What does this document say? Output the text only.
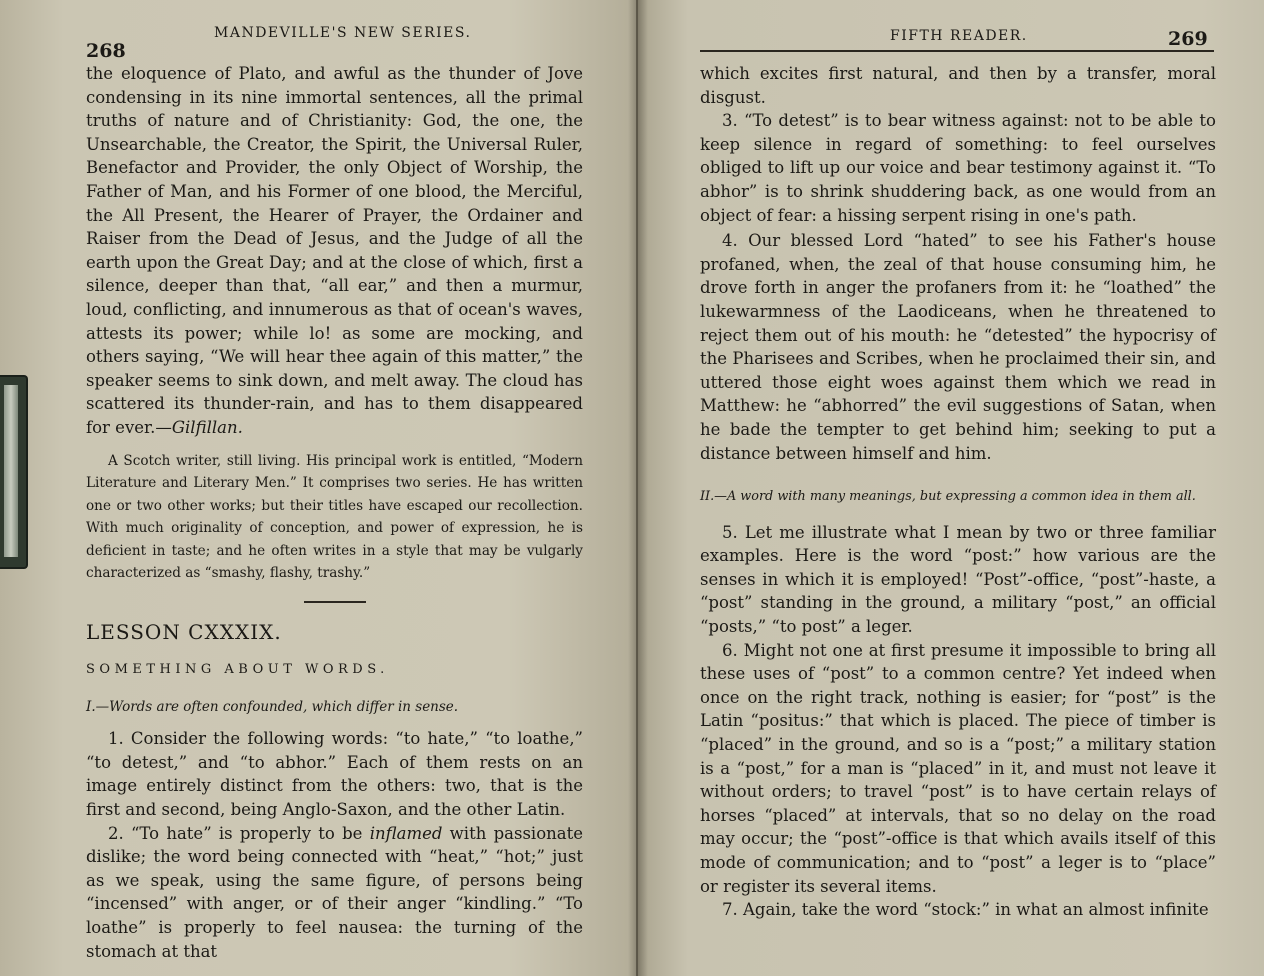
268
MANDEVILLE'S NEW SERIES.

the eloquence of Plato, and awful as the thunder of Jove condensing in its nine immortal sentences, all the primal truths of nature and of Christianity: God, the one, the Unsearchable, the Creator, the Spirit, the Universal Ruler, Benefactor and Provider, the only Object of Worship, the Father of Man, and his Former of one blood, the Merciful, the All Present, the Hearer of Prayer, the Ordainer and Raiser from the Dead of Jesus, and the Judge of all the earth upon the Great Day; and at the close of which, first a silence, deeper than that, “all ear,” and then a murmur, loud, conflicting, and innumerous as that of ocean's waves, attests its power; while lo! as some are mocking, and others saying, “We will hear thee again of this matter,” the speaker seems to sink down, and melt away. The cloud has scattered its thunder-rain, and has to them disappeared for ever.—Gilfillan.

A Scotch writer, still living. His principal work is entitled, “Modern Literature and Literary Men.” It comprises two series. He has written one or two other works; but their titles have escaped our recollection. With much originality of conception, and power of expression, he is deficient in taste; and he often writes in a style that may be vulgarly characterized as “smashy, flashy, trashy.”

LESSON CXXXIX.

SOMETHING ABOUT WORDS.

I.—Words are often confounded, which differ in sense.

1. Consider the following words: “to hate,” “to loathe,” “to detest,” and “to abhor.” Each of them rests on an image entirely distinct from the others: two, that is the first and second, being Anglo-Saxon, and the other Latin.

2. “To hate” is properly to be inflamed with passionate dislike; the word being connected with “heat,” “hot;” just as we speak, using the same figure, of persons being “incensed” with anger, or of their anger “kindling.” “To loathe” is properly to feel nausea: the turning of the stomach at that

FIFTH READER.	269

which excites first natural, and then by a transfer, moral disgust.

3. “To detest” is to bear witness against: not to be able to keep silence in regard of something: to feel ourselves obliged to lift up our voice and bear testimony against it. “To abhor” is to shrink shuddering back, as one would from an object of fear: a hissing serpent rising in one's path.

4. Our blessed Lord “hated” to see his Father's house profaned, when, the zeal of that house consuming him, he drove forth in anger the profaners from it: he “loathed” the lukewarmness of the Laodiceans, when he threatened to reject them out of his mouth: he “detested” the hypocrisy of the Pharisees and Scribes, when he proclaimed their sin, and uttered those eight woes against them which we read in Matthew: he “abhorred” the evil suggestions of Satan, when he bade the tempter to get behind him; seeking to put a distance between himself and him.

II.—A word with many meanings, but expressing a common idea in them all.

5. Let me illustrate what I mean by two or three familiar examples. Here is the word “post:” how various are the senses in which it is employed! “Post”-office, “post”-haste, a “post” standing in the ground, a military “post,” an official “posts,” “to post” a leger.

6. Might not one at first presume it impossible to bring all these uses of “post” to a common centre? Yet indeed when once on the right track, nothing is easier; for “post” is the Latin “positus:” that which is placed. The piece of timber is “placed” in the ground, and so is a “post;” a military station is a “post,” for a man is “placed” in it, and must not leave it without orders; to travel “post” is to have certain relays of horses “placed” at intervals, that so no delay on the road may occur; the “post”-office is that which avails itself of this mode of communication; and to “post” a leger is to “place” or register its several items.

7. Again, take the word “stock:” in what an almost infinite
